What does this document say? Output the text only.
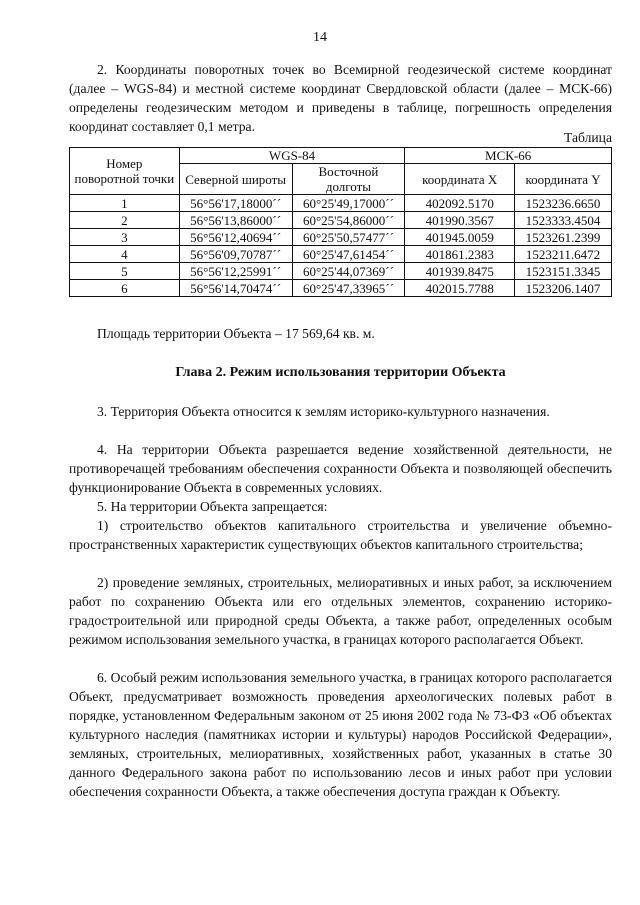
14

2. Координаты поворотных точек во Всемирной геодезической системе координат (далее – WGS-84) и местной системе координат Свердловской области (далее – МСК-66) определены геодезическим методом и приведены в таблице, погрешность определения координат составляет 0,1 метра.

Таблица
Номер поворотной точки	WGS-84		МСК-66	
	Северной широты	Восточной долготы	координата X	координата Y
1	56°56'17,18000´´	60°25'49,17000´´	402092.5170	1523236.6650
2	56°56'13,86000´´	60°25'54,86000´´	401990.3567	1523333.4504
3	56°56'12,40694´´	60°25'50,57477´´	401945.0059	1523261.2399
4	56°56'09,70787´´	60°25'47,61454´´	401861.2383	1523211.6472
5	56°56'12,25991´´	60°25'44,07369´´	401939.8475	1523151.3345
6	56°56'14,70474´´	60°25'47,33965´´	402015.7788	1523206.1407

Площадь территории Объекта – 17 569,64 кв. м.

Глава 2. Режим использования территории Объекта

3. Территория Объекта относится к землям историко-культурного назначения.

4. На территории Объекта разрешается ведение хозяйственной деятельности, не противоречащей требованиям обеспечения сохранности Объекта и позволяющей обеспечить функционирование Объекта в современных условиях.

5. На территории Объекта запрещается:

1) строительство объектов капитального строительства и увеличение объемно-пространственных характеристик существующих объектов капитального строительства;

2) проведение земляных, строительных, мелиоративных и иных работ, за исключением работ по сохранению Объекта или его отдельных элементов, сохранению историко-градостроительной или природной среды Объекта, а также работ, определенных особым режимом использования земельного участка, в границах которого располагается Объект.

6. Особый режим использования земельного участка, в границах которого располагается Объект, предусматривает возможность проведения археологических полевых работ в порядке, установленном Федеральным законом от 25 июня 2002 года № 73-ФЗ «Об объектах культурного наследия (памятниках истории и культуры) народов Российской Федерации», земляных, строительных, мелиоративных, хозяйственных работ, указанных в статье 30 данного Федерального закона работ по использованию лесов и иных работ при условии обеспечения сохранности Объекта, а также обеспечения доступа граждан к Объекту.
